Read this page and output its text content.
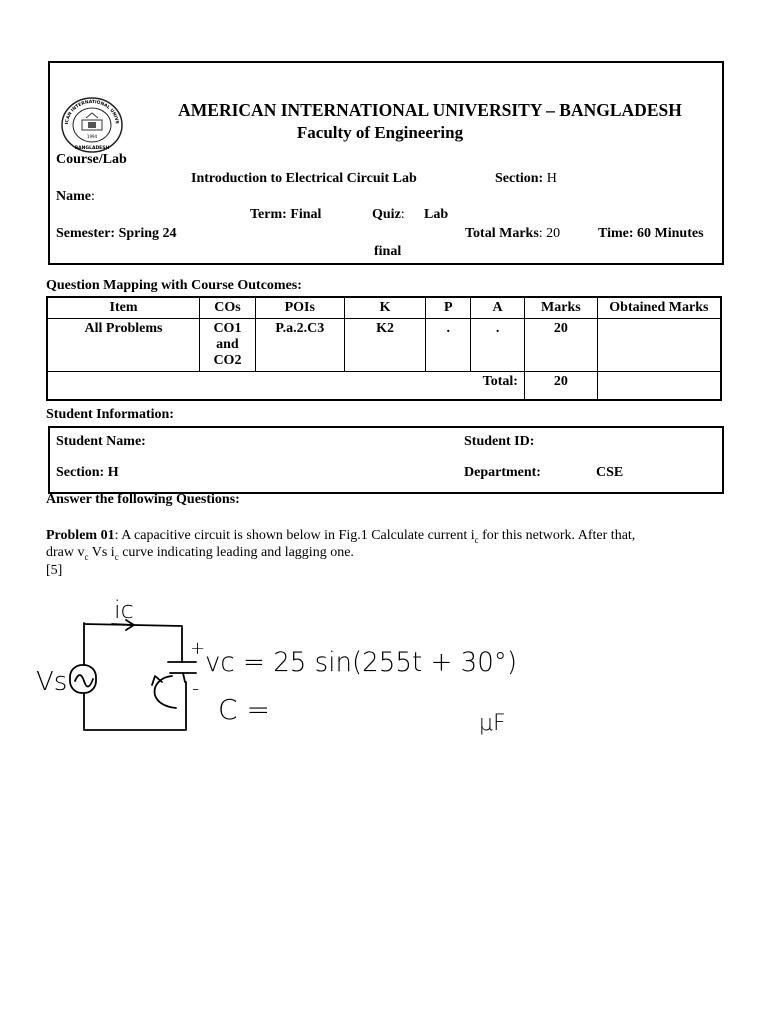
1994
ICAN INTERNATIONAL UNIVE
BANGLADESH
AMERICAN INTERNATIONAL UNIVERSITY – BANGLADESH
Faculty of Engineering
Course/Lab
Introduction to Electrical Circuit Lab	Section: H
Name:
Term: Final	Quiz: Lab
Semester: Spring 24	Total Marks: 20	Time: 60 Minutes
final
Question Mapping with Course Outcomes:
Item	COs	POIs	K	P	A	Marks	Obtained Marks
All Problems	CO1 and CO2	P.a.2.C3	K2	.	.	20	
Total:						20	
Student Information:
Student Name:	Student ID:
Section: H	Department:	CSE
Answer the following Questions:
Problem 01: A capacitive circuit is shown below in Fig.1 Calculate current $i_c$ for this network. After that,
draw $v_c$ Vs $i_c$ curve indicating leading and lagging one.
[5]
Vs
ic
+
-
vc = 25 sin(255t + 30°)
C =	μF
